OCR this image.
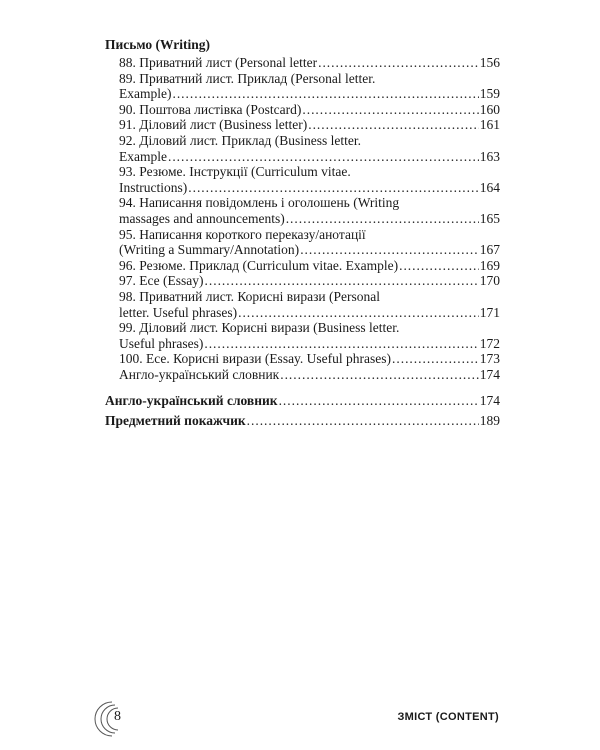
Письмо (Writing)
88. Приватний лист (Personal letter . . .	156
89. Приватний лист. Приклад (Personal letter.
Example) . . .	159
90. Поштова листівка (Postcard) . . .	160
91. Діловий лист (Business letter) . . .	161
92. Діловий лист. Приклад (Business letter.
Example . . .	163
93. Резюме. Інструкції (Curriculum vitae.
Instructions) . . .	164
94. Написання повідомлень і оголошень (Writing
massages and announcements) . . .	165
95. Написання короткого переказу/анотації
(Writing a Summary/Annotation) . . .	167
96. Резюме. Приклад (Curriculum vitae. Example) . . .	169
97. Есе (Essay) . . .	170
98. Приватний лист. Корисні вирази (Personal
letter. Useful phrases) . . .	171
99. Діловий лист. Корисні вирази (Business letter.
Useful phrases) . . .	172
100. Есе. Корисні вирази (Essay. Useful phrases) . . .	173
Англо-український словник . . .	174
Англо-український словник . . .	174
Предметний покажчик . . .	189
8	ЗМІСТ (CONTENT)
